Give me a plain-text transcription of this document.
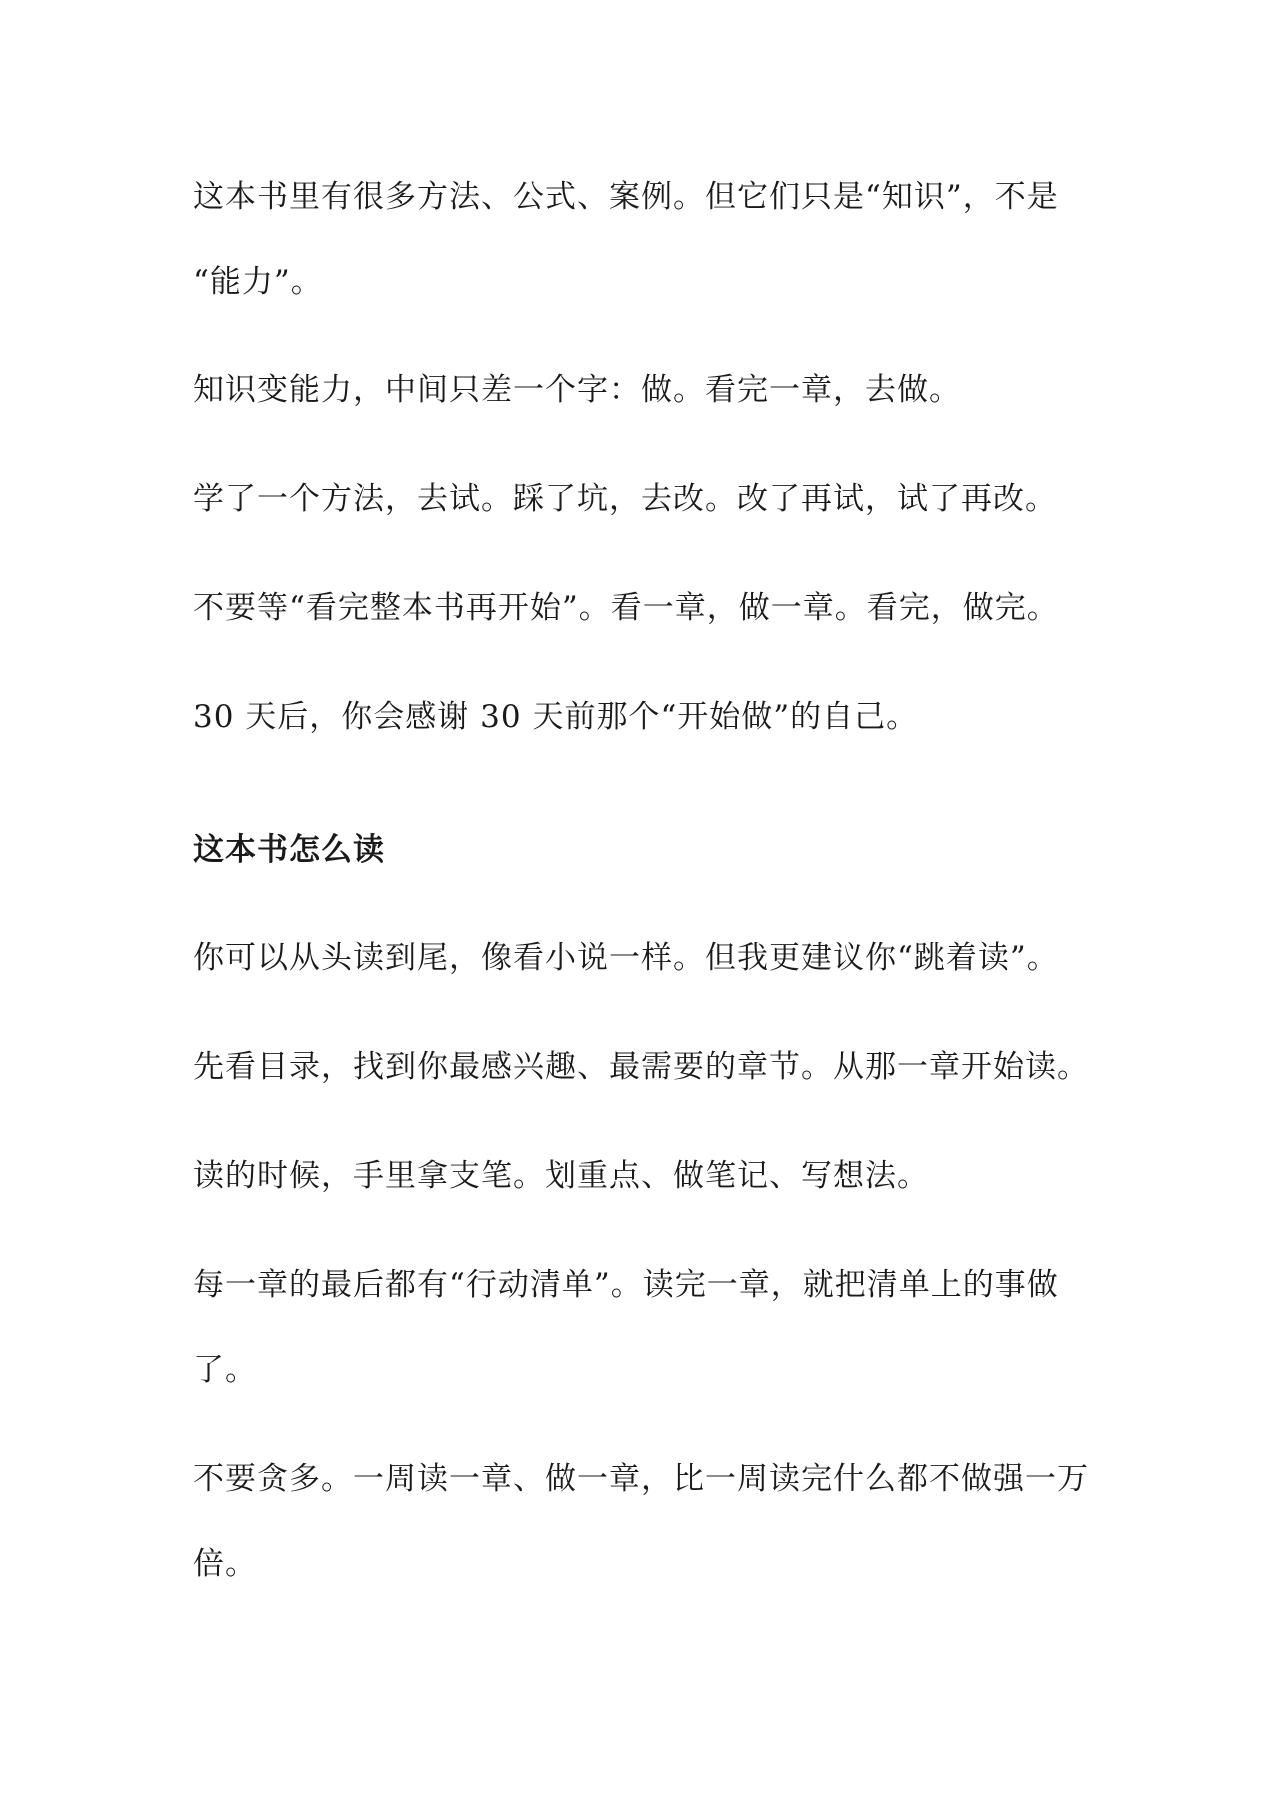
这本书里有很多方法、公式、案例。但它们只是“知识”，不是
“能力”。
知识变能力，中间只差一个字：做。看完一章，去做。
学了一个方法，去试。踩了坑，去改。改了再试，试了再改。
不要等“看完整本书再开始”。看一章，做一章。看完，做完。
30 天后，你会感谢 30 天前那个“开始做”的自己。
这本书怎么读
你可以从头读到尾，像看小说一样。但我更建议你“跳着读”。
先看目录，找到你最感兴趣、最需要的章节。从那一章开始读。
读的时候，手里拿支笔。划重点、做笔记、写想法。
每一章的最后都有“行动清单”。读完一章，就把清单上的事做
了。
不要贪多。一周读一章、做一章，比一周读完什么都不做强一万
倍。
